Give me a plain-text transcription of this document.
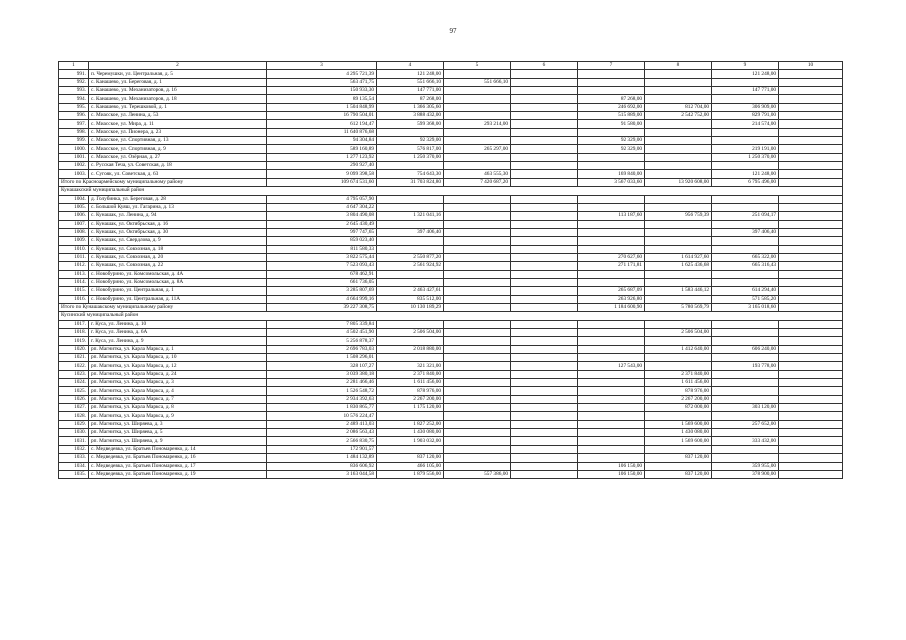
97
1	2	3	4	5	6	7	8	9	10
991.	п. Черемушки, ул. Центральная, д. 5	4 295 721,39	121 248,00					121 248,00	
992.	с. Канашево, ул. Береговая, д. 1	563 471,75	551 666,10	551 666,10					
993.	с. Канашево, ул. Механизаторов, д. 16	150 933,30	147 771,00					147 771,00	
994.	с. Канашево, ул. Механизаторов, д. 18	89 135,54	87 268,00			87 268,00			
995.	с. Канашево, ул. Терешковой, д. 1	1 504 848,99	1 366 305,60			246 692,00	812 704,00	306 909,00	
996.	с. Миасское, ул. Ленина, д. 53	16 790 504,01	3 888 432,00			515 889,00	2 542 752,00	829 791,00	
997.	с. Миасское, ул. Мира, д. 11	612 194,47	599 368,00	293 214,00		91 580,00		214 574,00	
998.	с. Миасское, ул. Пионера, д. 23	11 640 876,68							
999.	с. Миасское, ул. Спортивная, д. 13	94 304,84	92 329,00			92 329,00			
1000.	с. Миасское, ул. Спортивная, д. 9	589 160,89	576 817,00	265 297,00		92 329,00		219 191,00	
1001.	с. Миасское, ул. Озёрная, д. 27	1 277 123,92	1 250 370,00					1 250 370,00	
1002.	с. Русская Теча, ул. Советская, д. 18	290 927,40							
1003.	с. Сугояк, ул. Советская, д. 63	9 099 398,58	754 643,30	463 555,30		169 840,00		121 248,00	
Итого по Красноармейскому муниципальному району		109 674 531,60	31 703 824,80	7 420 687,20		3 567 033,60	13 920 608,00	6 795 496,00	
Кунашакский муниципальный район									
1004.	д. Голубинка, ул. Береговая, д. 28	4 795 057,90							
1005.	с. Большой Куяш, ул. Гагарина, д. 13	4 647 304,22							
1006.	с. Кунашак, ул. Ленина, д. 94	3 804 490,08	1 321 041,16			113 187,60	956 759,39	251 094,17	
1007.	с. Кунашак, ул. Октябрьская, д. 16	2 645 430,49							
1008.	с. Кунашак, ул. Октябрьская, д. 30	997 747,65	397 406,40					397 406,40	
1009.	с. Кунашак, ул. Свердлова, д. 9	859 023,40							
1010.	с. Кунашак, ул. Совхозная, д. 18	811 580,33							
1011.	с. Кунашак, ул. Совхозная, д. 20	3 822 575,44	2 550 877,20			270 627,60	1 614 927,60	665 322,00	
1012.	с. Кунашак, ул. Совхозная, д. 22	7 523 093,43	2 561 924,92			271 171,81	1 625 436,68	665 316,43	
1013.	с. Новобурино, ул. Комсомольская, д. 4А	678 462,91							
1014.	с. Новобурино, ул. Комсомольская, д. 8А	661 736,05							
1015.	с. Новобурино, ул. Центральная, д. 1	3 285 807,69	2 463 427,61			265 687,09	1 583 446,12	614 294,40	
1016.	с. Новобурино, ул. Центральная, д. 11А	4 664 999,16	835 512,00			263 926,80		571 585,20	
Итого по Кунашакскому муниципальному району		39 227 308,75	10 130 189,29			1 184 600,90	5 780 569,79	3 165 018,60	
Кусинский муниципальный район									
1017.	г. Куса, ул. Ленина, д. 10	7 805 339,84							
1018.	г. Куса, ул. Ленина, д. 6А	4 502 451,90	2 506 504,00				2 506 504,00		
1019.	г. Куса, ул. Ленина, д. 9	5 256 878,37							
1020.	рп. Магнитка, ул. Карла Маркса, д. 1	2 696 783,03	2 018 880,00				1 412 640,00	606 240,00	
1021.	рп. Магнитка, ул. Карла Маркса, д. 10	1 508 296,01							
1022.	рп. Магнитка, ул. Карла Маркса, д. 12	328 107,27	321 321,00			127 543,00		193 778,00	
1023.	рп. Магнитка, ул. Карла Маркса, д. 24	3 039 380,18	2 371 840,00				2 371 840,00		
1024.	рп. Магнитка, ул. Карла Маркса, д. 3	2 281 466,46	1 611 456,00				1 611 456,00		
1025.	рп. Магнитка, ул. Карла Маркса, д. 4	1 526 548,72	878 976,00				878 976,00		
1026.	рп. Магнитка, ул. Карла Маркса, д. 7	2 934 392,63	2 267 200,00				2 267 200,00		
1027.	рп. Магнитка, ул. Карла Маркса, д. 8	1 830 865,77	1 175 120,00				872 000,00	303 120,00	
1028.	рп. Магнитка, ул. Карла Маркса, д. 9	10 576 224,47							
1029.	рп. Магнитка, ул. Ширяева, д. 3	2 489 413,03	1 827 252,00				1 569 600,00	257 652,00	
1030.	рп. Магнитка, ул. Ширяева, д. 5	2 086 563,43	1 430 080,00				1 430 080,00		
1031.	рп. Магнитка, ул. Ширяева, д. 9	2 566 830,75	1 903 032,00				1 569 600,00	333 432,00	
1032.	с. Медведевка, ул. Братьев Пономаренко, д. 14	172 901,57							
1033.	с. Медведевка, ул. Братьев Пономаренко, д. 16	1 484 132,89	837 120,00				837 120,00		
1034.	с. Медведевка, ул. Братьев Пономаренко, д. 17	836 606,92	466 105,00			106 150,00		359 955,00	
1035.	с. Медведевка, ул. Братьев Пономаренко, д. 19	3 163 044,58	1 879 556,00	557 386,00		106 150,00	837 120,00	378 900,00	
